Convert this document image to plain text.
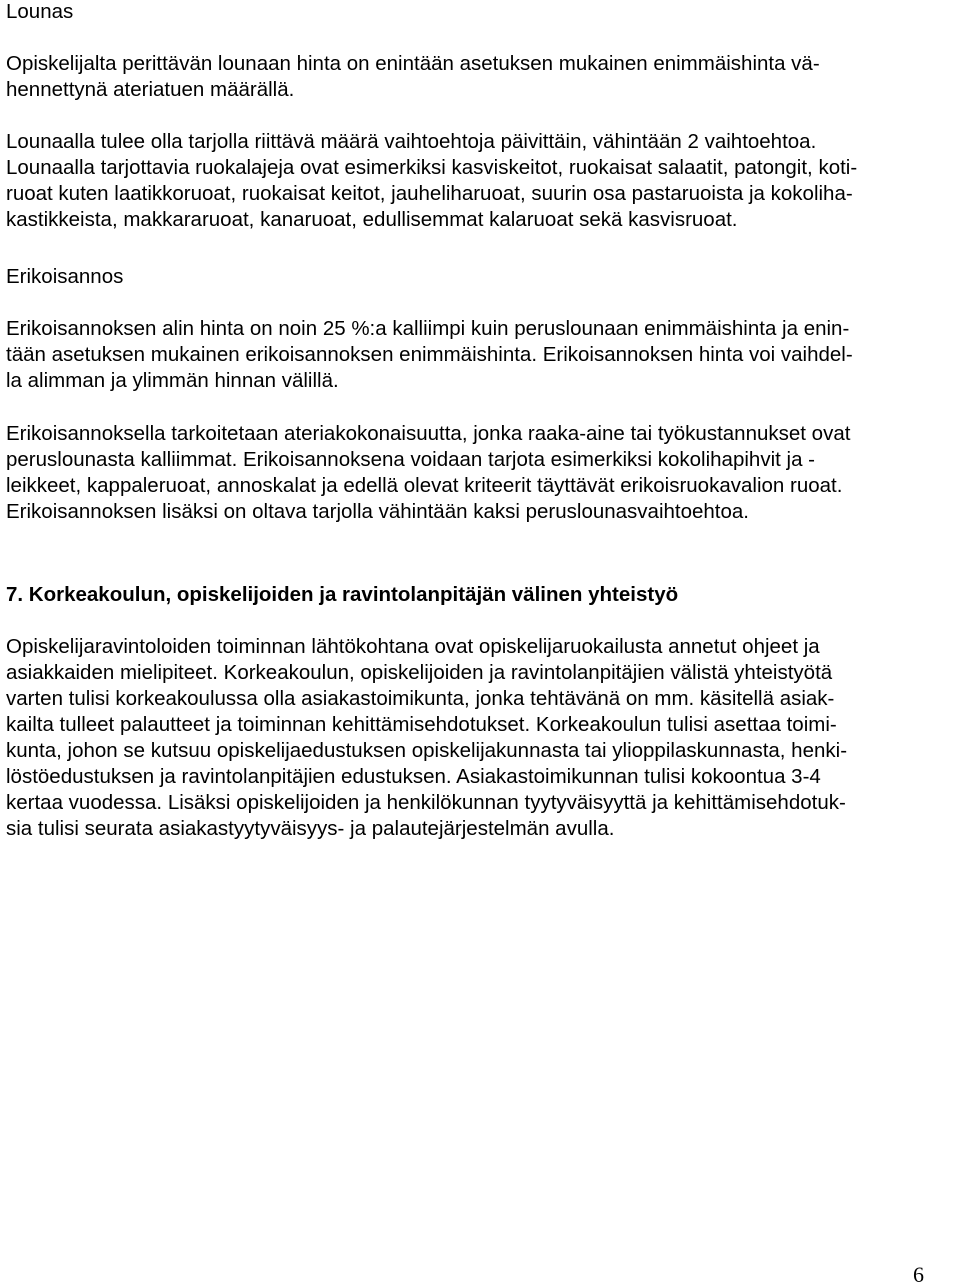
Lounas
Opiskelijalta perittävän lounaan hinta on enintään asetuksen mukainen enimmäishinta vä-
hennettynä ateriatuen määrällä.
Lounaalla tulee olla tarjolla riittävä määrä vaihtoehtoja päivittäin, vähintään 2 vaihtoehtoa.
Lounaalla tarjottavia ruokalajeja ovat esimerkiksi kasviskeitot, ruokaisat salaatit, patongit, koti-
ruoat kuten laatikkoruoat, ruokaisat keitot, jauheliharuoat, suurin osa pastaruoista ja kokoliha-
kastikkeista, makkararuoat, kanaruoat, edullisemmat kalaruoat sekä kasvisruoat.
Erikoisannos
Erikoisannoksen alin hinta on noin 25 %:a kalliimpi kuin peruslounaan enimmäishinta ja enin-
tään asetuksen mukainen erikoisannoksen enimmäishinta. Erikoisannoksen hinta voi vaihdel-
la alimman ja ylimmän hinnan välillä.
Erikoisannoksella tarkoitetaan ateriakokonaisuutta, jonka raaka-aine tai työkustannukset ovat
peruslounasta kalliimmat. Erikoisannoksena voidaan tarjota esimerkiksi kokolihapihvit ja -
leikkeet, kappaleruoat, annoskalat ja edellä olevat kriteerit täyttävät erikoisruokavalion ruoat.
Erikoisannoksen lisäksi on oltava tarjolla vähintään kaksi peruslounasvaihtoehtoa.
7. Korkeakoulun, opiskelijoiden ja ravintolanpitäjän välinen yhteistyö
Opiskelijaravintoloiden toiminnan lähtökohtana ovat opiskelijaruokailusta annetut ohjeet ja
asiakkaiden mielipiteet. Korkeakoulun, opiskelijoiden ja ravintolanpitäjien välistä yhteistyötä
varten tulisi korkeakoulussa olla asiakastoimikunta, jonka tehtävänä on mm. käsitellä asiak-
kailta tulleet palautteet ja toiminnan kehittämisehdotukset. Korkeakoulun tulisi asettaa toimi-
kunta, johon se kutsuu opiskelijaedustuksen opiskelijakunnasta tai ylioppilaskunnasta, henki-
löstöedustuksen ja ravintolanpitäjien edustuksen. Asiakastoimikunnan tulisi kokoontua 3-4
kertaa vuodessa. Lisäksi opiskelijoiden ja henkilökunnan tyytyväisyyttä ja kehittämisehdotuk-
sia tulisi seurata asiakastyytyväisyys- ja palautejärjestelmän avulla.
6
